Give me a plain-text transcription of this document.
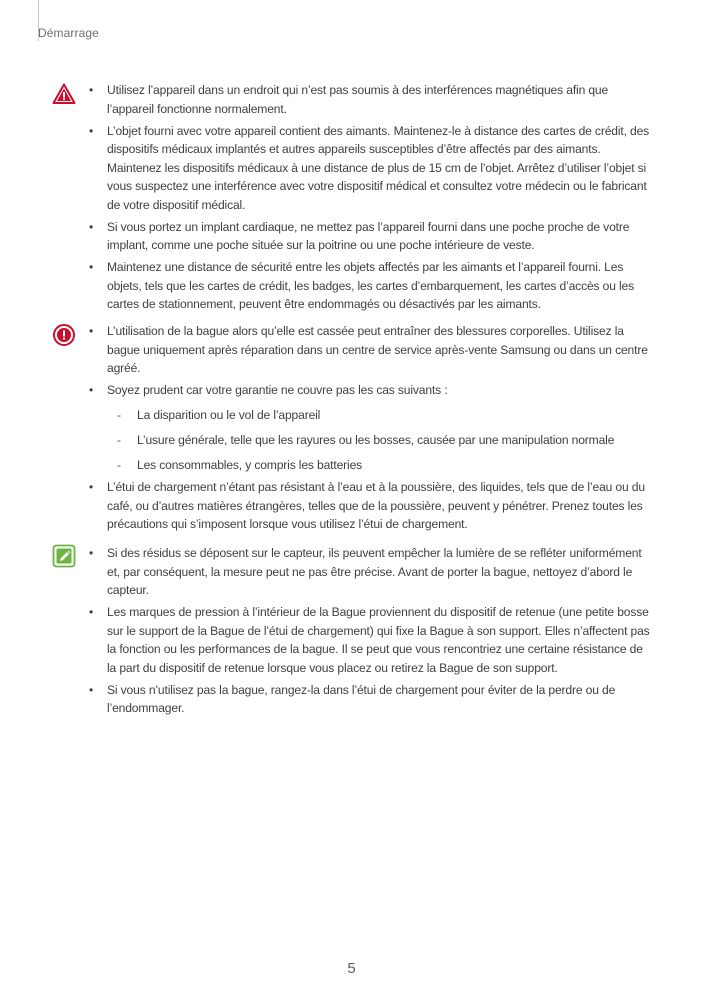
Démarrage
• Utilisez l’appareil dans un endroit qui n’est pas soumis à des interférences magnétiques afin que l’appareil fonctionne normalement.
• L’objet fourni avec votre appareil contient des aimants. Maintenez-le à distance des cartes de crédit, des dispositifs médicaux implantés et autres appareils susceptibles d’être affectés par des aimants. Maintenez les dispositifs médicaux à une distance de plus de 15 cm de l’objet. Arrêtez d’utiliser l’objet si vous suspectez une interférence avec votre dispositif médical et consultez votre médecin ou le fabricant de votre dispositif médical.
• Si vous portez un implant cardiaque, ne mettez pas l’appareil fourni dans une poche proche de votre implant, comme une poche située sur la poitrine ou une poche intérieure de veste.
• Maintenez une distance de sécurité entre les objets affectés par les aimants et l’appareil fourni. Les objets, tels que les cartes de crédit, les badges, les cartes d’embarquement, les cartes d’accès ou les cartes de stationnement, peuvent être endommagés ou désactivés par les aimants.
• L’utilisation de la bague alors qu’elle est cassée peut entraîner des blessures corporelles. Utilisez la bague uniquement après réparation dans un centre de service après-vente Samsung ou dans un centre agréé.
• Soyez prudent car votre garantie ne couvre pas les cas suivants :
- La disparition ou le vol de l’appareil
- L’usure générale, telle que les rayures ou les bosses, causée par une manipulation normale
- Les consommables, y compris les batteries
• L’étui de chargement n’étant pas résistant à l’eau et à la poussière, des liquides, tels que de l’eau ou du café, ou d’autres matières étrangères, telles que de la poussière, peuvent y pénétrer. Prenez toutes les précautions qui s’imposent lorsque vous utilisez l’étui de chargement.
• Si des résidus se déposent sur le capteur, ils peuvent empêcher la lumière de se refléter uniformément et, par conséquent, la mesure peut ne pas être précise. Avant de porter la bague, nettoyez d’abord le capteur.
• Les marques de pression à l’intérieur de la Bague proviennent du dispositif de retenue (une petite bosse sur le support de la Bague de l’étui de chargement) qui fixe la Bague à son support. Elles n’affectent pas la fonction ou les performances de la bague. Il se peut que vous rencontriez une certaine résistance de la part du dispositif de retenue lorsque vous placez ou retirez la Bague de son support.
• Si vous n’utilisez pas la bague, rangez-la dans l’étui de chargement pour éviter de la perdre ou de l’endommager.
5
